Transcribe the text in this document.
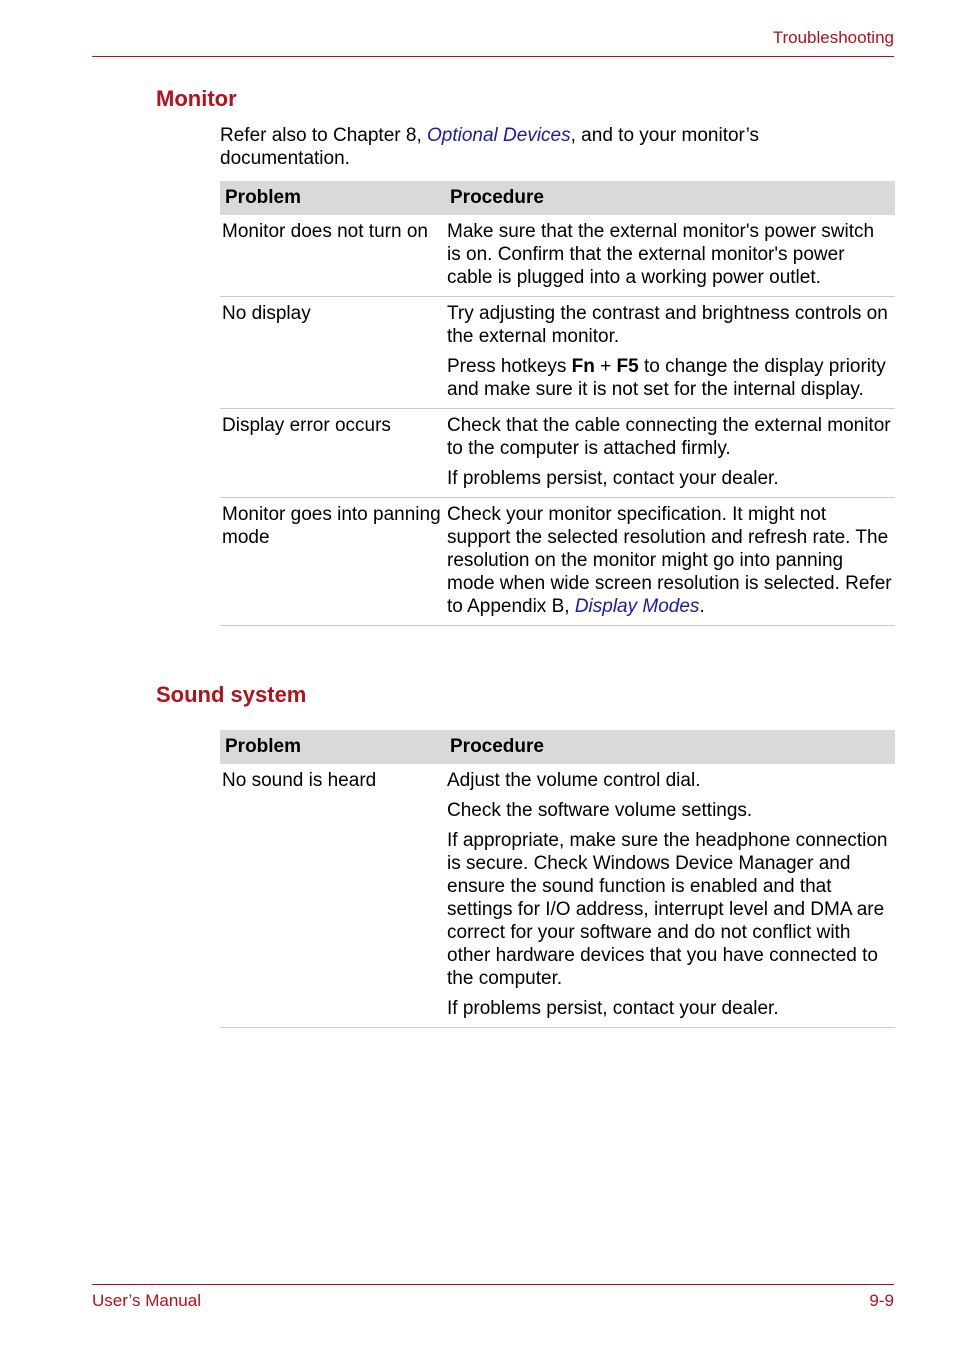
Troubleshooting
Monitor

Refer also to Chapter 8, Optional Devices, and to your monitor’s documentation.

Problem	Procedure
Monitor does not turn on	Make sure that the external monitor's power switch is on. Confirm that the external monitor's power cable is plugged into a working power outlet.

No display	Try adjusting the contrast and brightness controls on the external monitor.

Press hotkeys Fn + F5 to change the display priority and make sure it is not set for the internal display.

Display error occurs	Check that the cable connecting the external monitor to the computer is attached firmly.

If problems persist, contact your dealer.

Monitor goes into panning mode	Check your monitor specification. It might not support the selected resolution and refresh rate. The resolution on the monitor might go into panning mode when wide screen resolution is selected. Refer to Appendix B, Display Modes.

Sound system
Problem	Procedure
No sound is heard	Adjust the volume control dial.

Check the software volume settings.

If appropriate, make sure the headphone connection is secure. Check Windows Device Manager and ensure the sound function is enabled and that settings for I/O address, interrupt level and DMA are correct for your software and do not conflict with other hardware devices that you have connected to the computer.

If problems persist, contact your dealer.

User’s Manual	9-9
